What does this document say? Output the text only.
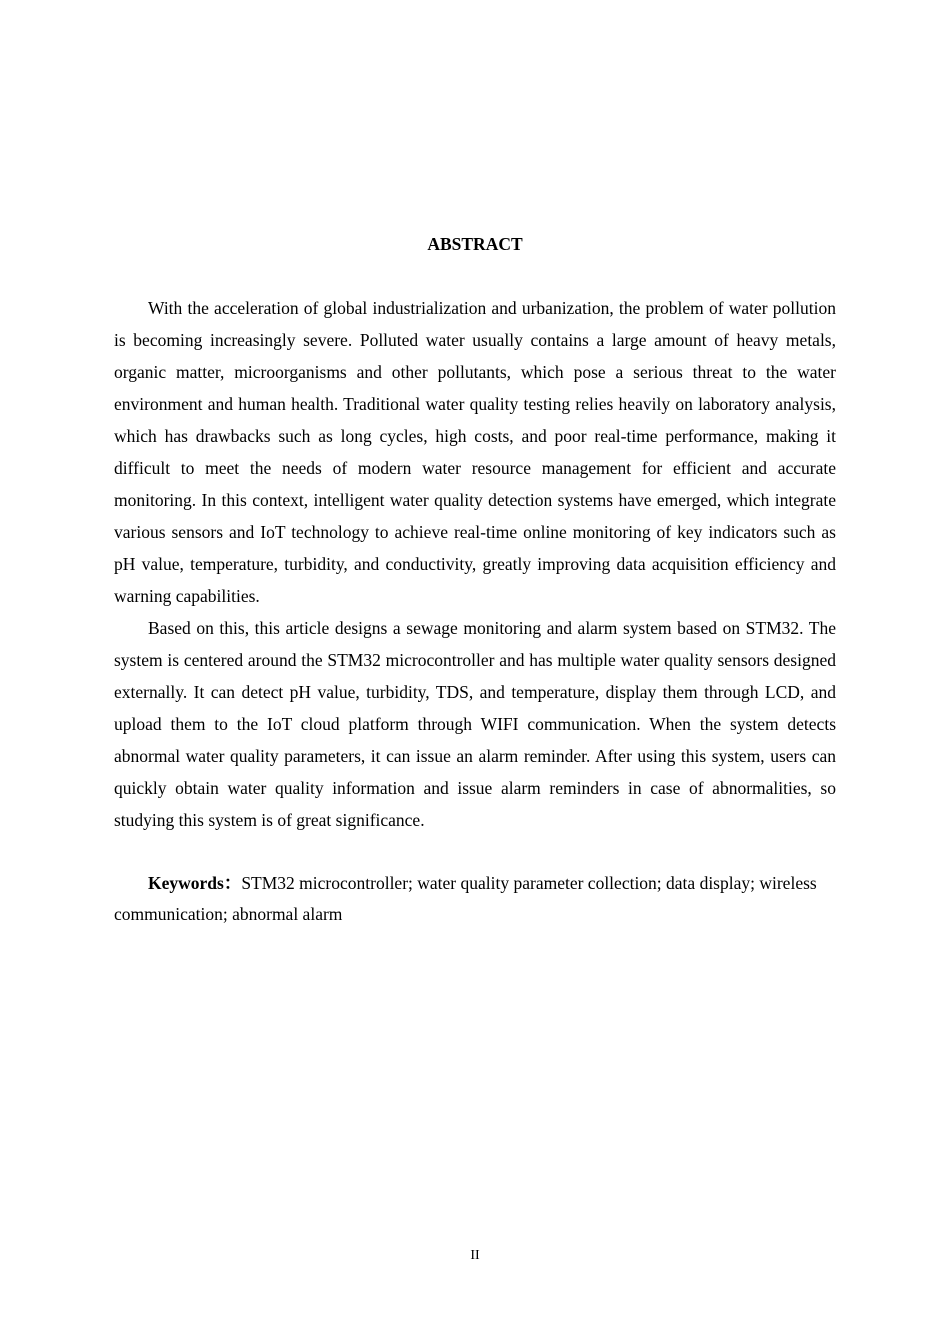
ABSTRACT

With the acceleration of global industrialization and urbanization, the problem of water pollution is becoming increasingly severe. Polluted water usually contains a large amount of heavy metals, organic matter, microorganisms and other pollutants, which pose a serious threat to the water environment and human health. Traditional water quality testing relies heavily on laboratory analysis, which has drawbacks such as long cycles, high costs, and poor real-time performance, making it difficult to meet the needs of modern water resource management for efficient and accurate monitoring. In this context, intelligent water quality detection systems have emerged, which integrate various sensors and IoT technology to achieve real-time online monitoring of key indicators such as pH value, temperature, turbidity, and conductivity, greatly improving data acquisition efficiency and warning capabilities.

Based on this, this article designs a sewage monitoring and alarm system based on STM32. The system is centered around the STM32 microcontroller and has multiple water quality sensors designed externally. It can detect pH value, turbidity, TDS, and temperature, display them through LCD, and upload them to the IoT cloud platform through WIFI communication. When the system detects abnormal water quality parameters, it can issue an alarm reminder. After using this system, users can quickly obtain water quality information and issue alarm reminders in case of abnormalities, so studying this system is of great significance.

Keywords：STM32 microcontroller; water quality parameter collection; data display; wireless communication; abnormal alarm
II
